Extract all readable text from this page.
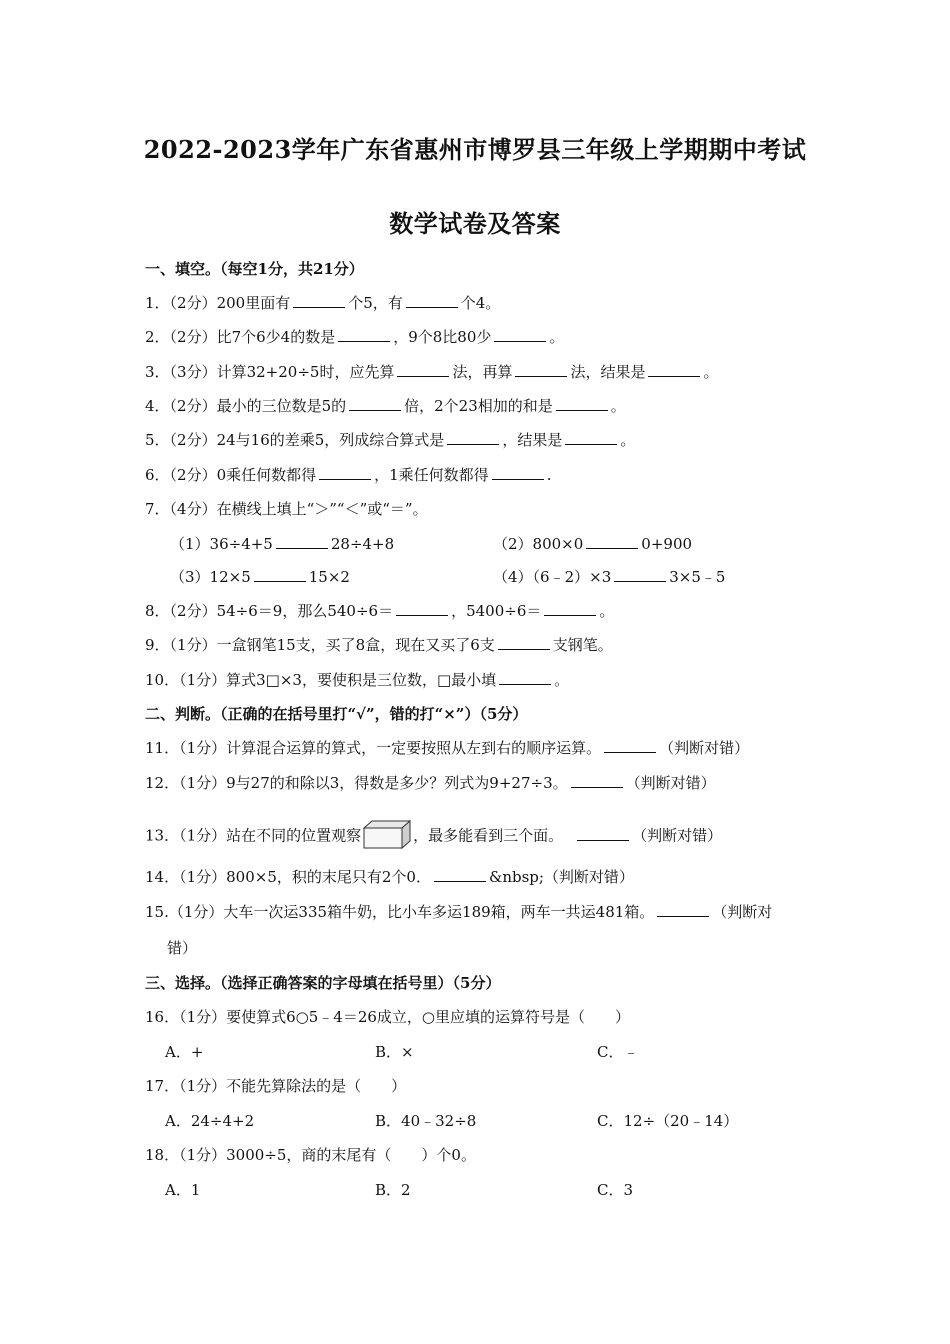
2022-2023学年广东省惠州市博罗县三年级上学期期中考试
数学试卷及答案
一、填空。（每空1分，共21分）
1．（2分）200里面有	个5，有	个4。
2．（2分）比7个6少4的数是	，9个8比80少	。
3．（3分）计算32+20÷5时，应先算	法，再算	法，结果是	。
4．（2分）最小的三位数是5的	倍，2个23相加的和是	。
5．（2分）24与16的差乘5，列成综合算式是	，结果是	。
6．（2分）0乘任何数都得	，1乘任何数都得	.
7．（4分）在横线上填上“＞”“＜”或“＝”。
（1）36÷4+5	28÷4+8	（2）800×0	0+900
（3）12×5	15×2	（4）（6﹣2）×3	3×5﹣5
8．（2分）54÷6＝9，那么540÷6＝	，5400÷6＝	。
9．（1分）一盒钢笔15支，买了8盒，现在又买了6支	支钢笔。
10．（1分）算式3□×3，要使积是三位数，□最小填	。
二、判断。（正确的在括号里打“√”，错的打“×”）（5分）
11．（1分）计算混合运算的算式，一定要按照从左到右的顺序运算。	（判断对错）
12．（1分）9与27的和除以3，得数是多少？列式为9+27÷3。	（判断对错）
13．（1分）站在不同的位置观察	，最多能看到三个面。	（判断对错）
14．（1分）800×5，积的末尾只有2个0．	&nbsp;（判断对错）
15.（1分）大车一次运335箱牛奶，比小车多运189箱，两车一共运481箱。	（判断对
错）
三、选择。（选择正确答案的字母填在括号里）（5分）
16．（1分）要使算式6○5﹣4＝26成立，○里应填的运算符号是（　　）
A．+	B．×	C．﹣
17．（1分）不能先算除法的是（　　）
A．24÷4+2	B．40﹣32÷8	C．12÷（20﹣14）
18．（1分）3000÷5，商的末尾有（　　）个0。
A．1	B．2	C．3
